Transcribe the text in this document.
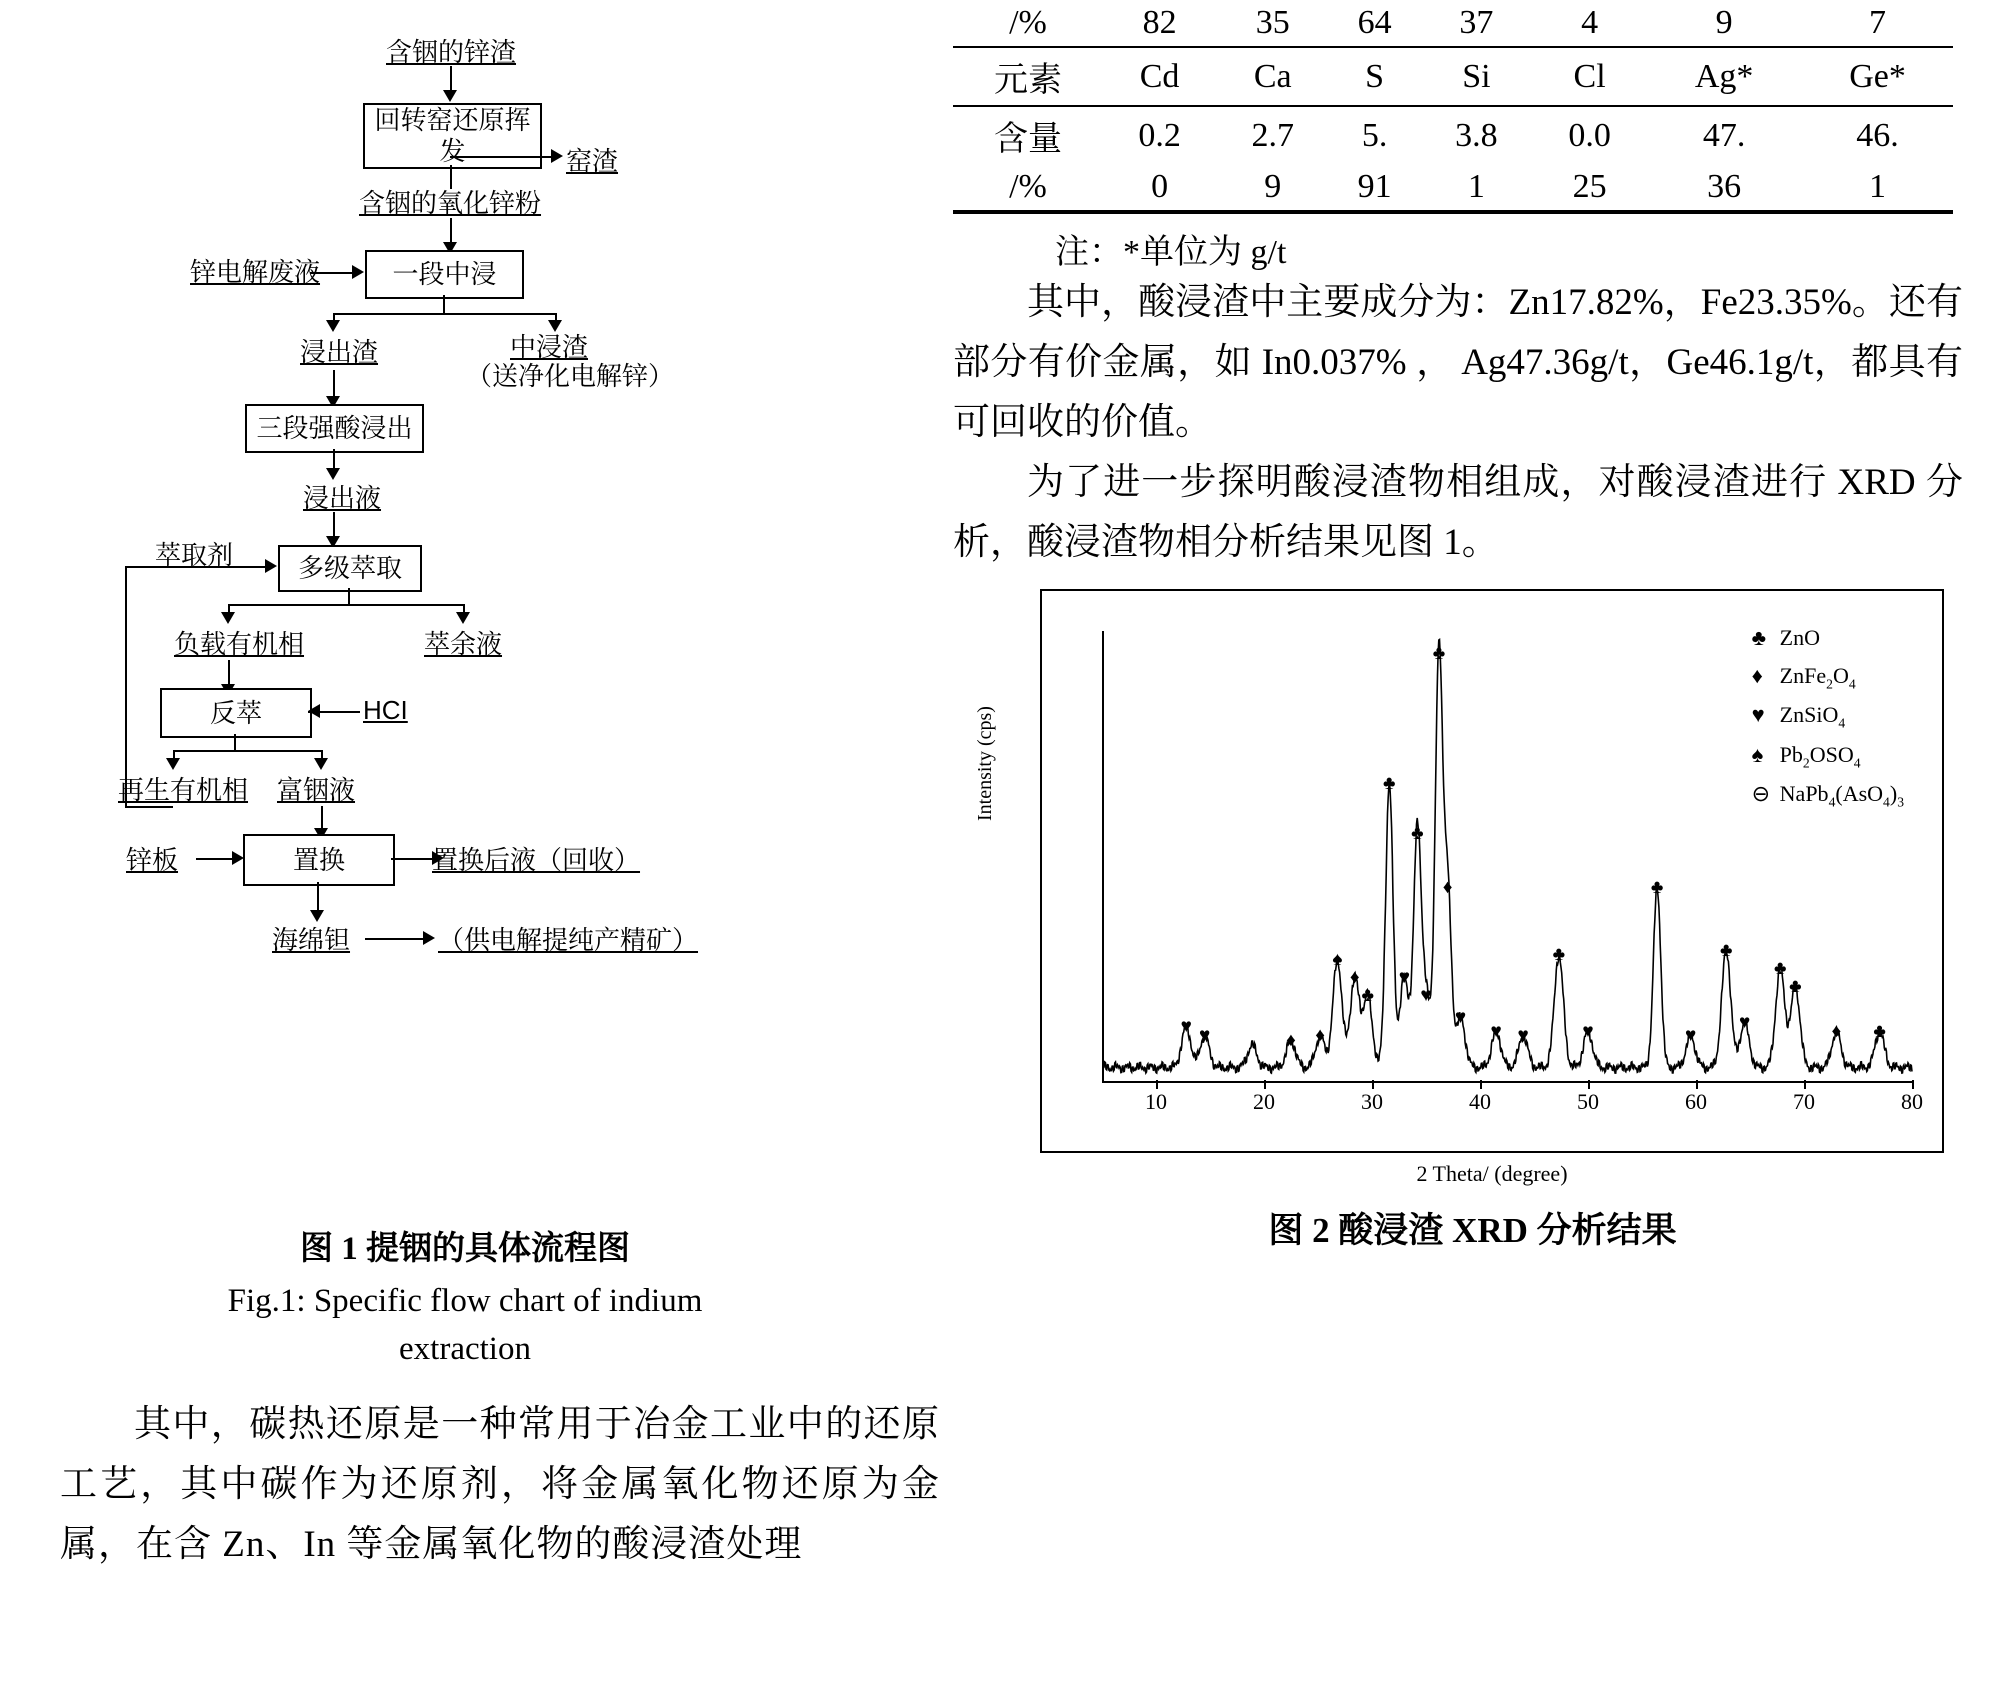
含铟的锌渣
回转窑还原挥发	窑渣
含铟的氧化锌粉
锌电解废液	一段中浸
浸出渣	中浸渣
（送净化电解锌）
三段强酸浸出
浸出液
萃取剂	多级萃取
负载有机相	萃余液
反萃	HCI
再生有机相 富铟液
锌板	置换	置换后液（回收）
海绵钽	（供电解提纯产精矿）
图 1 提铟的具体流程图
Fig.1: Specific flow chart of indium
extraction

其中，碳热还原是一种常用于冶金工业中的还原工艺，其中碳作为还原剂，将金属氧化物还原为金属，在含 Zn、In 等金属氧化物的酸浸渣处理

/%	82	35	64	37	4	9	7
元素	Cd	Ca	S	Si	Cl	Ag*	Ge*
含量	0.2	2.7	5.	3.8	0.0	47.	46.
/%	0	9	91	1	25	36	1
注：*单位为 g/t

其中，酸浸渣中主要成分为：Zn17.82%，Fe23.35%。还有部分有价金属，如 In0.037% ， Ag47.36g/t，Ge46.1g/t，都具有可回收的价值。

为了进一步探明酸浸渣物相组成，对酸浸渣进行 XRD 分析，酸浸渣物相分析结果见图 1。

Intensity (cps)
♣ ZnO
♦ $ZnFe_2O_4$
♥ ZnSiO$_4$
♠ $Pb_2OSO_4$
⊖ $NaPb_4(AsO_4)_3$
♥ ♥	♦ ♦
♠
♦
♣
♣
♥
♣
♥
♣
♦
♥
♥ ♥
♣
♥
♣
♥
♣
♥
♣
♣
♦ ♣
10	20	30	40	50	60	70	80
2 Theta/ (degree)
图 2 酸浸渣 XRD 分析结果
